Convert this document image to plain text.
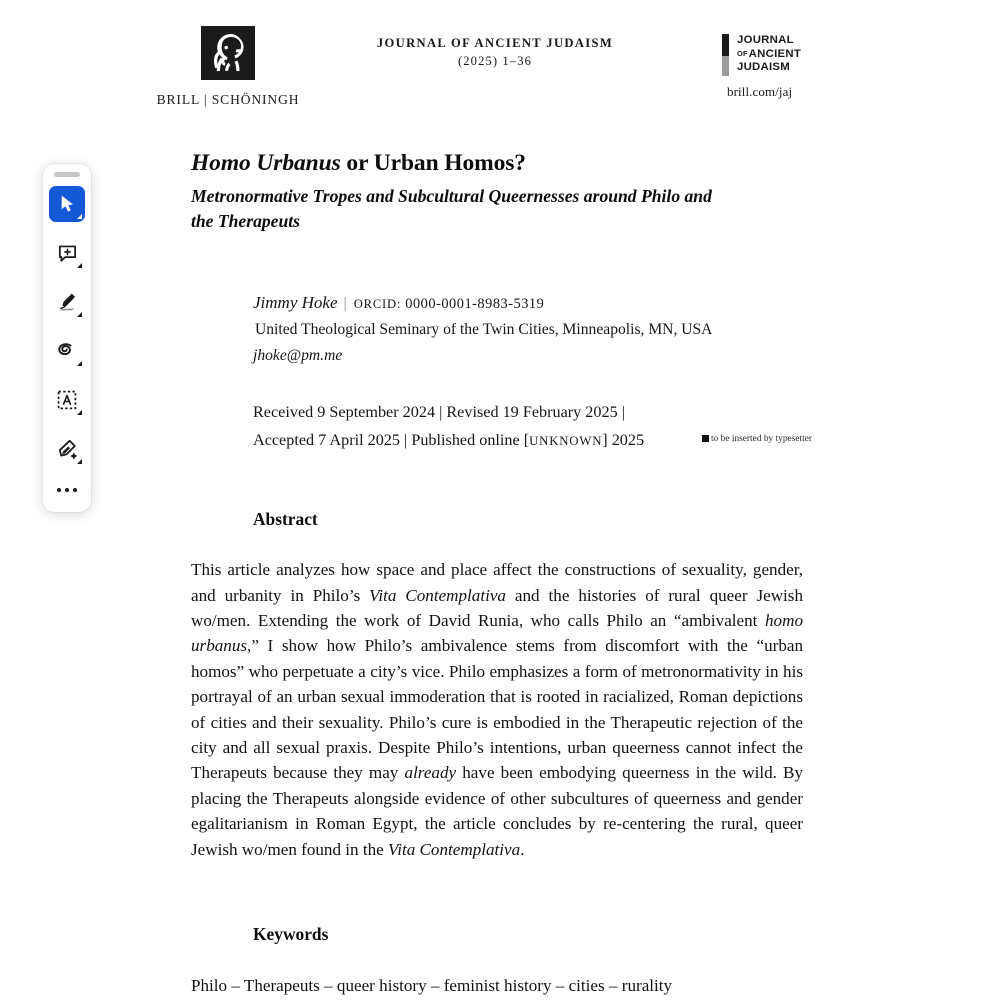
BRILL | SCHÖNINGH
JOURNAL OF ANCIENT JUDAISM
(2025) 1–36
JOURNAL
OFANCIENT
JUDAISM
brill.com/jaj
Homo Urbanus or Urban Homos?
Metronormative Tropes and Subcultural Queernesses around Philo and the Therapeuts
Jimmy Hoke | ORCID: 0000-0001-8983-5319
United Theological Seminary of the Twin Cities, Minneapolis, MN, USA
jhoke@pm.me
Received 9 September 2024 | Revised 19 February 2025 |
Accepted 7 April 2025 | Published online [UNKNOWN] 2025	to be inserted by typesetter
Abstract

This article analyzes how space and place affect the constructions of sexuality, gender, and urbanity in Philo’s Vita Contemplativa and the histories of rural queer Jewish wo/men. Extending the work of David Runia, who calls Philo an “ambivalent homo urbanus,” I show how Philo’s ambivalence stems from discomfort with the “urban homos” who perpetuate a city’s vice. Philo emphasizes a form of metronormativity in his portrayal of an urban sexual immoderation that is rooted in racialized, Roman depictions of cities and their sexuality. Philo’s cure is embodied in the Therapeutic rejection of the city and all sexual praxis. Despite Philo’s intentions, urban queerness cannot infect the Therapeuts because they may already have been embodying queerness in the wild. By placing the Therapeuts alongside evidence of other subcultures of queerness and gender egalitarianism in Roman Egypt, the article concludes by re-centering the rural, queer Jewish wo/men found in the Vita Contemplativa.

Keywords
Philo – Therapeuts – queer history – feminist history – cities – rurality
